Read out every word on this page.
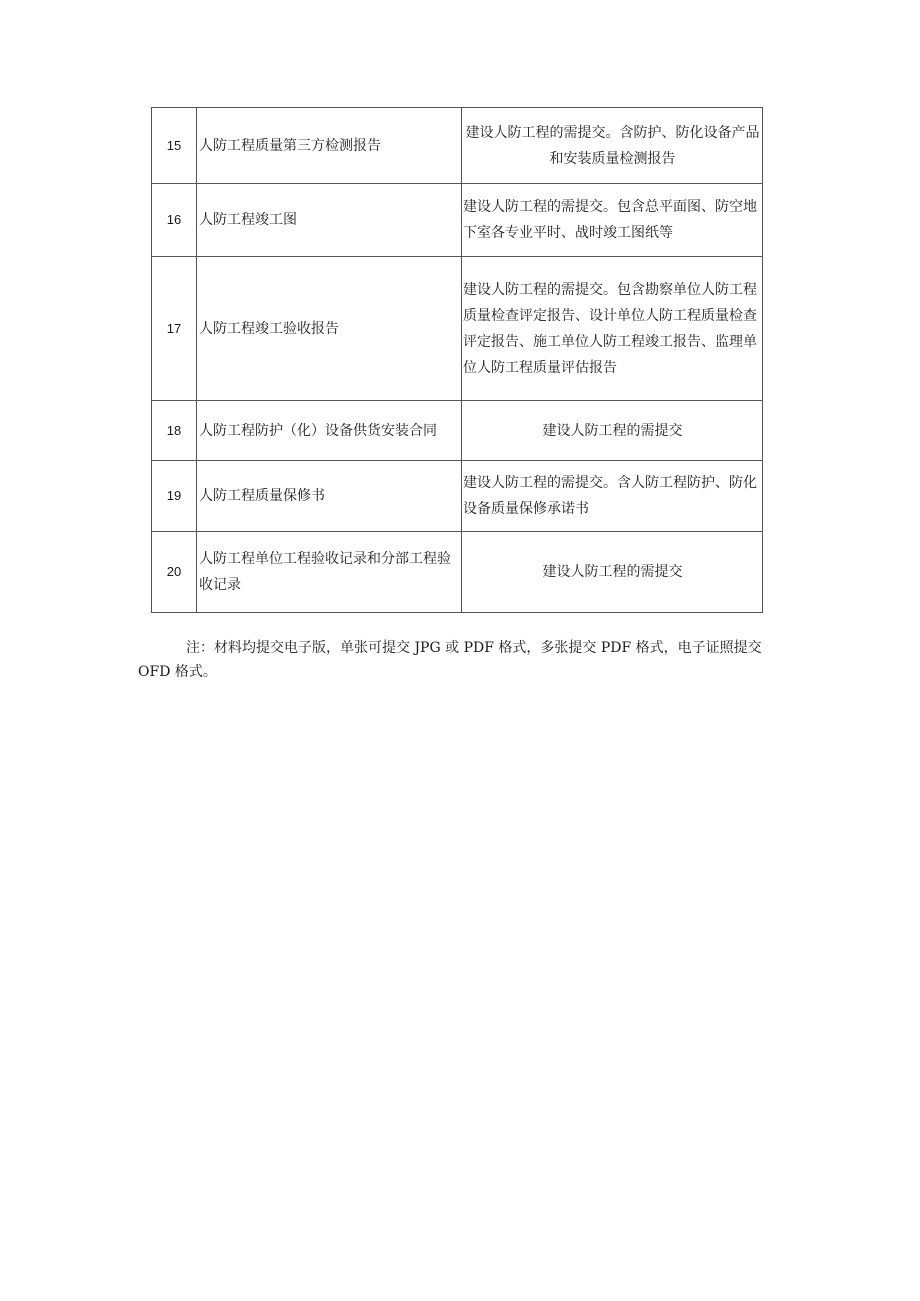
15	人防工程质量第三方检测报告	建设人防工程的需提交。含防护、防化设备产品和安装质量检测报告
16	人防工程竣工图	建设人防工程的需提交。包含总平面图、防空地下室各专业平时、战时竣工图纸等
17	人防工程竣工验收报告	建设人防工程的需提交。包含勘察单位人防工程质量检查评定报告、设计单位人防工程质量检查评定报告、施工单位人防工程竣工报告、监理单位人防工程质量评估报告
18	人防工程防护（化）设备供货安装合同	建设人防工程的需提交
19	人防工程质量保修书	建设人防工程的需提交。含人防工程防护、防化设备质量保修承诺书
20	人防工程单位工程验收记录和分部工程验收记录	建设人防工程的需提交

注：材料均提交电子版，单张可提交 JPG 或 PDF 格式，多张提交 PDF 格式，电子证照提交 OFD 格式。
